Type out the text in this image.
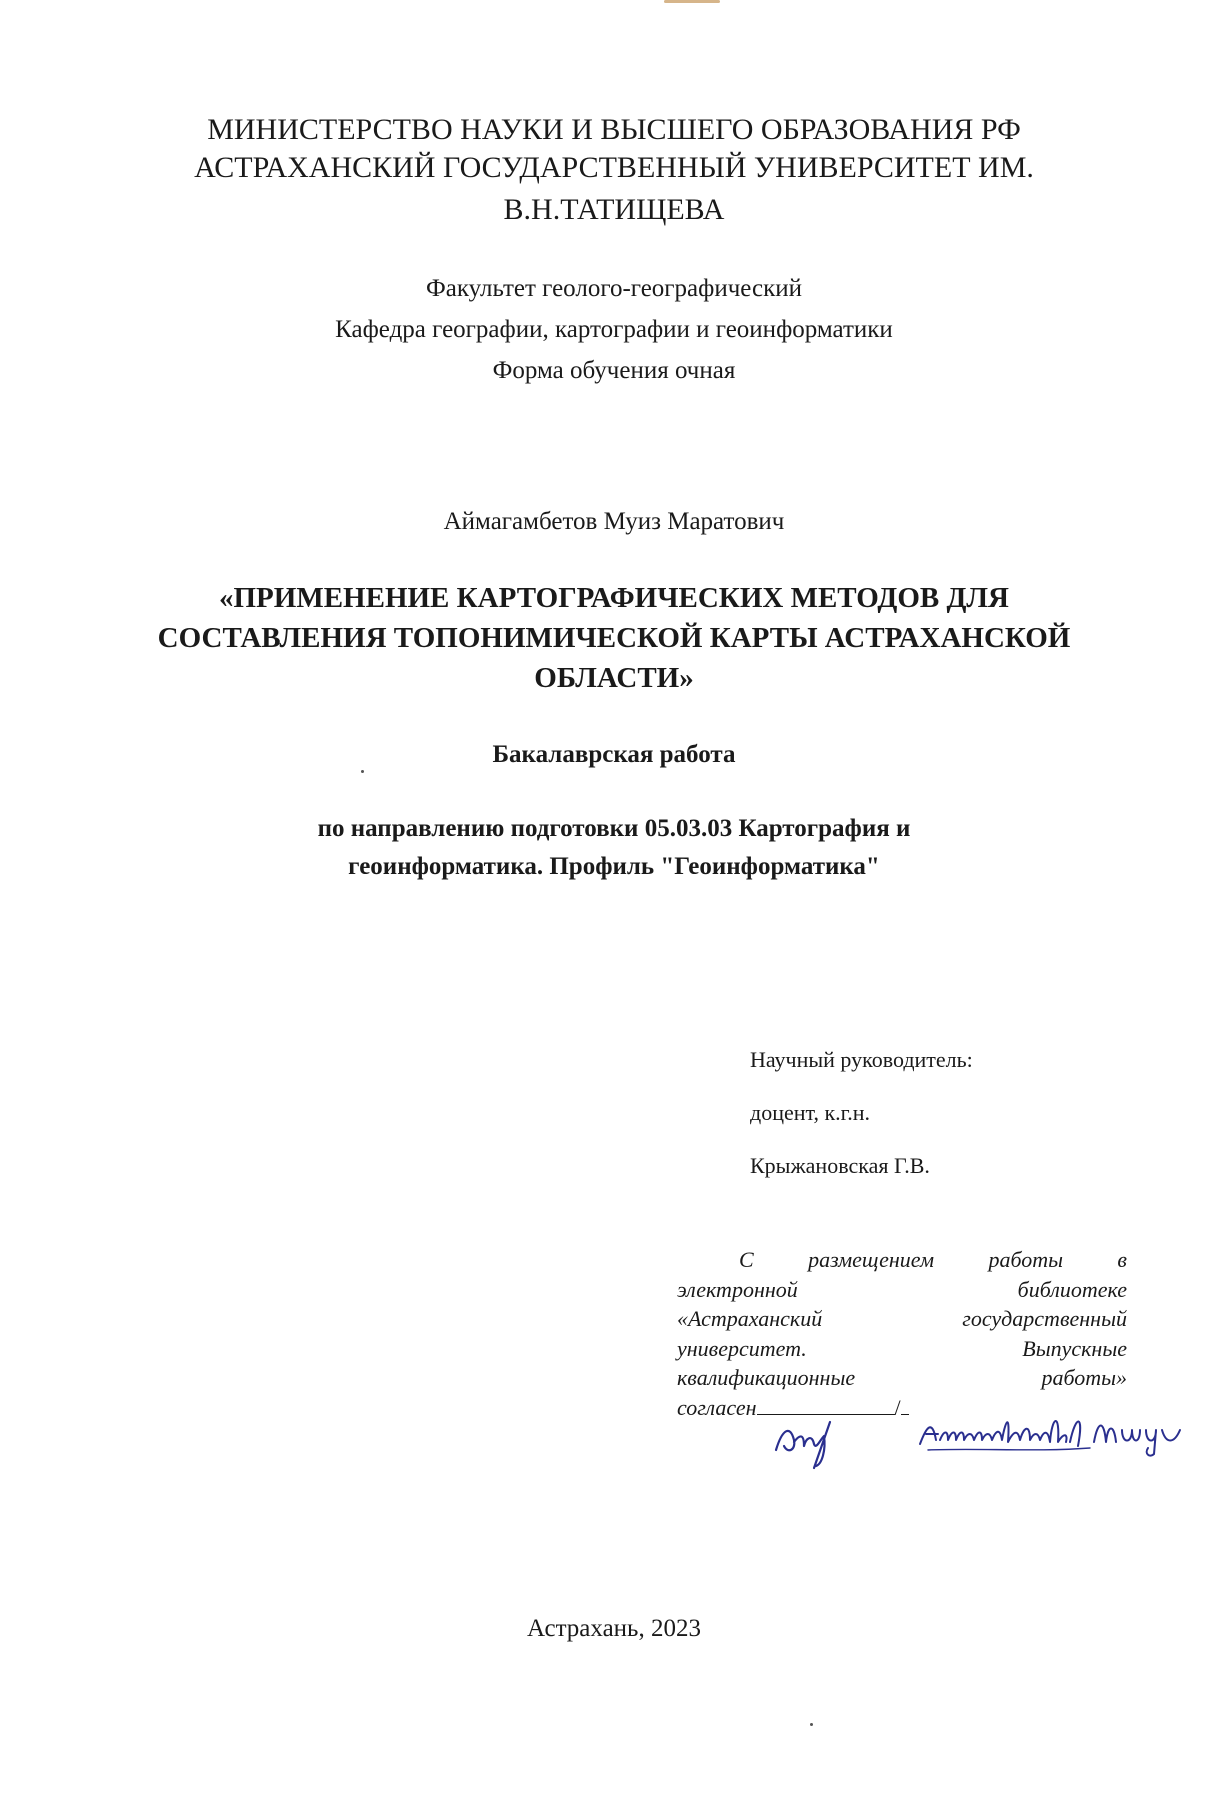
МИНИСТЕРСТВО НАУКИ И ВЫСШЕГО ОБРАЗОВАНИЯ РФ
АСТРАХАНСКИЙ ГОСУДАРСТВЕННЫЙ УНИВЕРСИТЕТ ИМ.
В.Н.ТАТИЩЕВА
Факультет геолого-географический
Кафедра географии, картографии и геоинформатики
Форма обучения очная
Аймагамбетов Муиз Маратович
«ПРИМЕНЕНИЕ КАРТОГРАФИЧЕСКИХ МЕТОДОВ ДЛЯ
СОСТАВЛЕНИЯ ТОПОНИМИЧЕСКОЙ КАРТЫ АСТРАХАНСКОЙ
ОБЛАСТИ»
Бакалаврская работа
по направлению подготовки 05.03.03 Картография и
геоинформатика. Профиль "Геоинформатика"
Научный руководитель:
доцент, к.г.н.
Крыжановская Г.В.
С размещением работы в
электронной	библиотеке
«Астраханский	государственный
университет.	Выпускные
квалификационные	работы»
согласен	/
Астрахань, 2023
